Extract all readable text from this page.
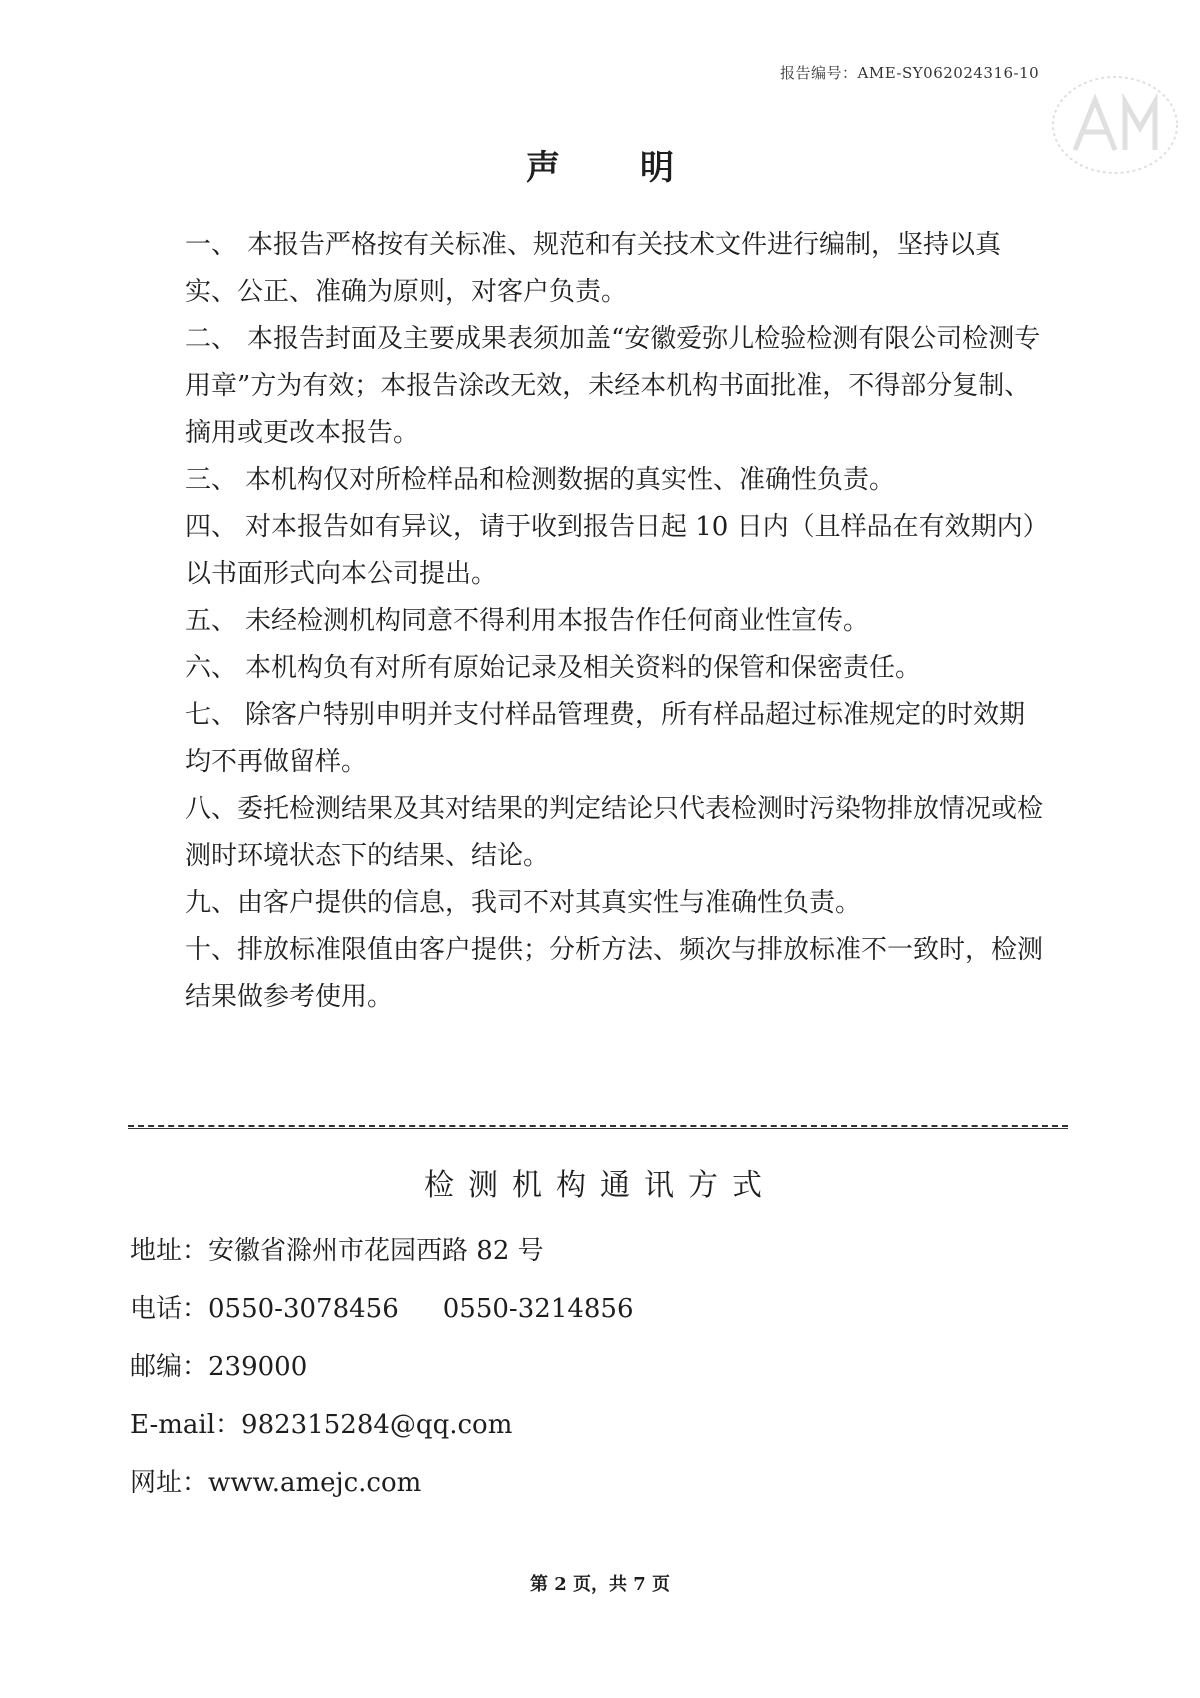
报告编号：AME-SY062024316-10
声 明

一、 本报告严格按有关标准、规范和有关技术文件进行编制，坚持以真实、公正、准确为原则，对客户负责。

二、 本报告封面及主要成果表须加盖“安徽爱弥儿检验检测有限公司检测专用章”方为有效；本报告涂改无效，未经本机构书面批准，不得部分复制、摘用或更改本报告。

三、 本机构仅对所检样品和检测数据的真实性、准确性负责。

四、 对本报告如有异议，请于收到报告日起 10 日内（且样品在有效期内）以书面形式向本公司提出。

五、 未经检测机构同意不得利用本报告作任何商业性宣传。

六、 本机构负有对所有原始记录及相关资料的保管和保密责任。

七、 除客户特别申明并支付样品管理费，所有样品超过标准规定的时效期均不再做留样。

八、委托检测结果及其对结果的判定结论只代表检测时污染物排放情况或检测时环境状态下的结果、结论。

九、由客户提供的信息，我司不对其真实性与准确性负责。

十、排放标准限值由客户提供；分析方法、频次与排放标准不一致时，检测结果做参考使用。

检测机构通讯方式
地址：安徽省滁州市花园西路 82 号
电话：0550-3078456 0550-3214856
邮编：239000
E-mail：982315284@qq.com
网址：www.amejc.com
第 2 页，共 7 页
